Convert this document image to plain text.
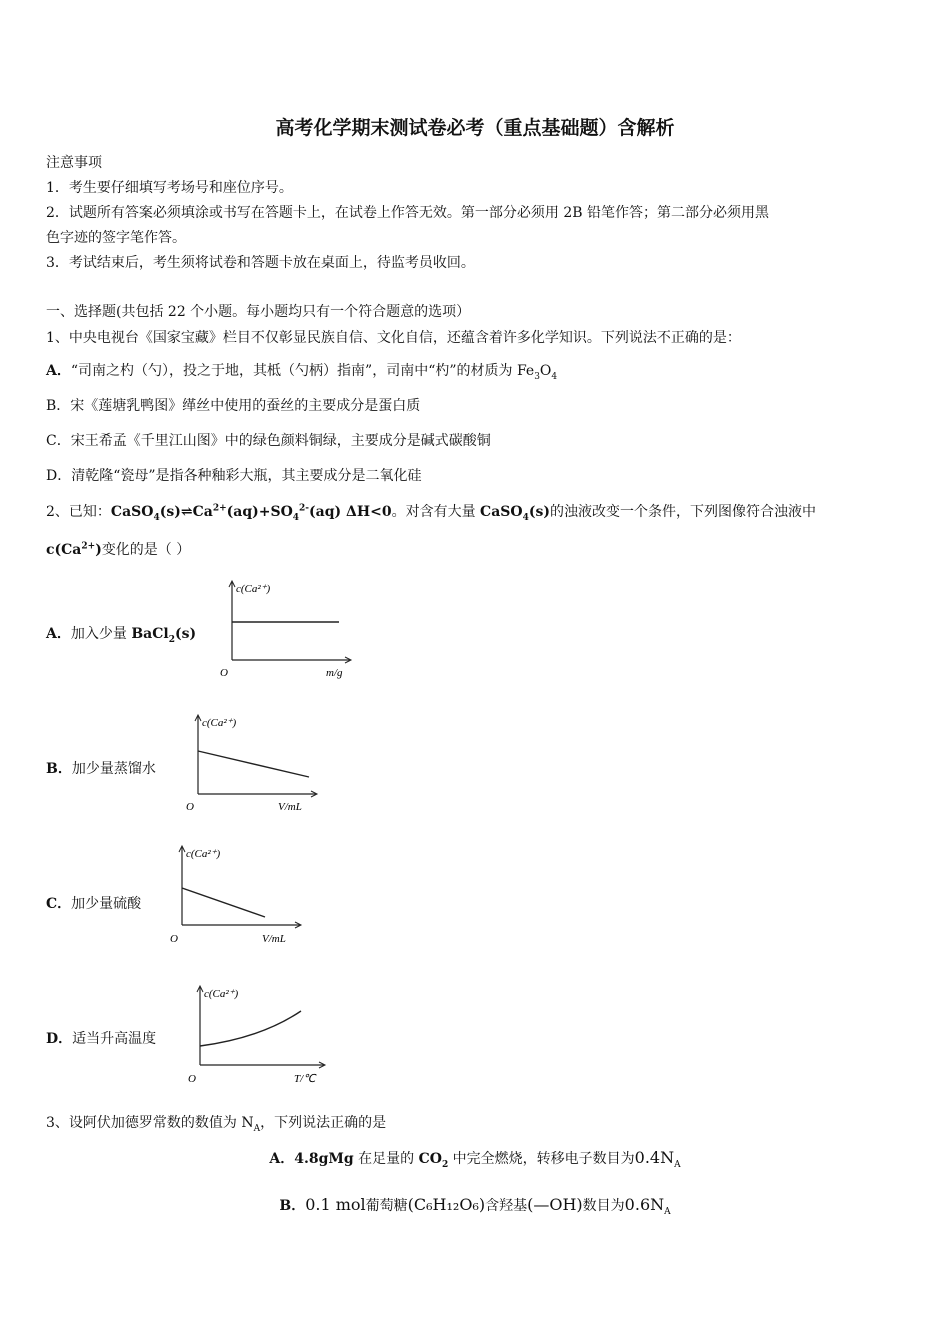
高考化学期末测试卷必考（重点基础题）含解析
注意事项
1．考生要仔细填写考场号和座位序号。
2．试题所有答案必须填涂或书写在答题卡上，在试卷上作答无效。第一部分必须用 2B 铅笔作答；第二部分必须用黑
色字迹的签字笔作答。
3．考试结束后，考生须将试卷和答题卡放在桌面上，待监考员收回。
一、选择题(共包括 22 个小题。每小题均只有一个符合题意的选项）
1、中央电视台《国家宝藏》栏目不仅彰显民族自信、文化自信，还蕴含着许多化学知识。下列说法不正确的是：
A．“司南之杓（勺），投之于地，其柢（勺柄）指南”，司南中“杓”的材质为 $Fe_3O_4$
B．宋《莲塘乳鸭图》缂丝中使用的蚕丝的主要成分是蛋白质
C．宋王希孟《千里江山图》中的绿色颜料铜绿，主要成分是碱式碳酸铜
D．清乾隆“瓷母”是指各种釉彩大瓶，其主要成分是二氧化硅
2、已知：$CaSO_4(s)\rightleftharpoons Ca^{2+}(aq)+SO_4^{2-}(aq)$ ΔH<0。对含有大量 CaSO$_4$(s)的浊液改变一个条件，下列图像符合浊液中
$c(Ca^{2+})$变化的是（ ）
A．加入少量 BaCl$_2$(s)
c(Ca²⁺)
O	m/g
B．加少量蒸馏水
c(Ca²⁺)
O	V/mL
C．加少量硫酸
c(Ca²⁺)
O	V/mL
D．适当升高温度
c(Ca²⁺)
O	T/℃
3、设阿伏加德罗常数的数值为 $N_A$，下列说法正确的是
A．4.8gMg 在足量的 $CO_2$ 中完全燃烧，转移电子数目为$0.4N_A$
B．0.1 mol葡萄糖(C₆H₁₂O₆)含羟基(—OH)数目为$0.6N_A$
